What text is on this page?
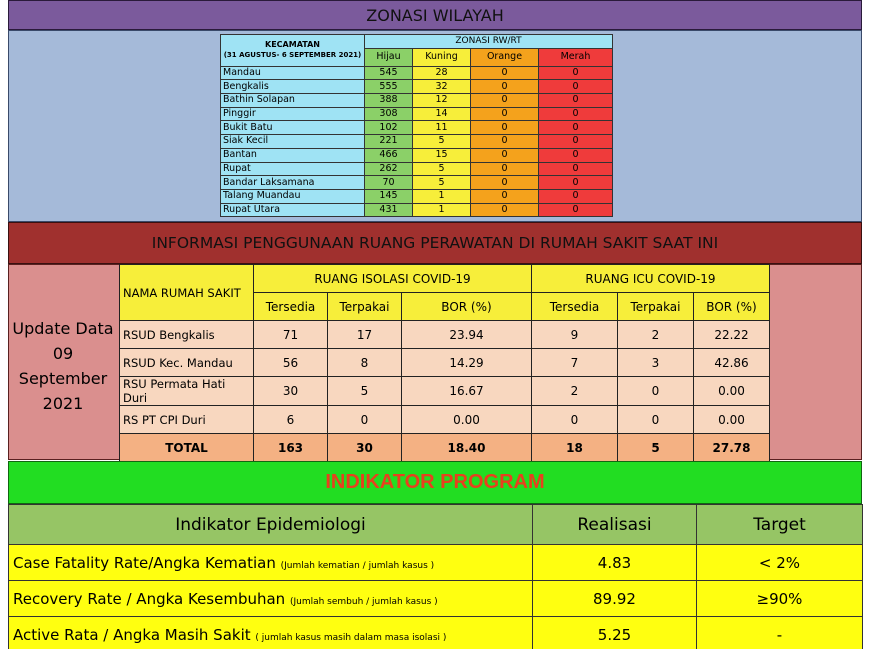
ZONASI WILAYAH
KECAMATAN
(31 AGUSTUS- 6 SEPTEMBER 2021)	ZONASI RW/RT			
	Hijau	Kuning	Orange	Merah
Mandau	545	28	0	0
Bengkalis	555	32	0	0
Bathin Solapan	388	12	0	0
Pinggir	308	14	0	0
Bukit Batu	102	11	0	0
Siak Kecil	221	5	0	0
Bantan	466	15	0	0
Rupat	262	5	0	0
Bandar Laksamana	70	5	0	0
Talang Muandau	145	1	0	0
Rupat Utara	431	1	0	0
INFORMASI PENGGUNAAN RUANG PERAWATAN DI RUMAH SAKIT SAAT INI
Update Data
09
September
2021
NAMA RUMAH SAKIT	RUANG ISOLASI COVID-19			RUANG ICU COVID-19		
	Tersedia	Terpakai	BOR (%)	Tersedia	Terpakai	BOR (%)
RSUD Bengkalis	71	17	23.94	9	2	22.22
RSUD Kec. Mandau	56	8	14.29	7	3	42.86
RSU Permata Hati Duri	30	5	16.67	2	0	0.00
RS PT CPI Duri	6	0	0.00	0	0	0.00
TOTAL	163	30	18.40	18	5	27.78
INDIKATOR PROGRAM
Indikator Epidemiologi	Realisasi	Target
Case Fatality Rate/Angka Kematian (Jumlah kematian / jumlah kasus )	4.83	< 2%
Recovery Rate / Angka Kesembuhan (Jumlah sembuh / jumlah kasus )	89.92	≥90%
Active Rata / Angka Masih Sakit ( jumlah kasus masih dalam masa isolasi )	5.25	-
